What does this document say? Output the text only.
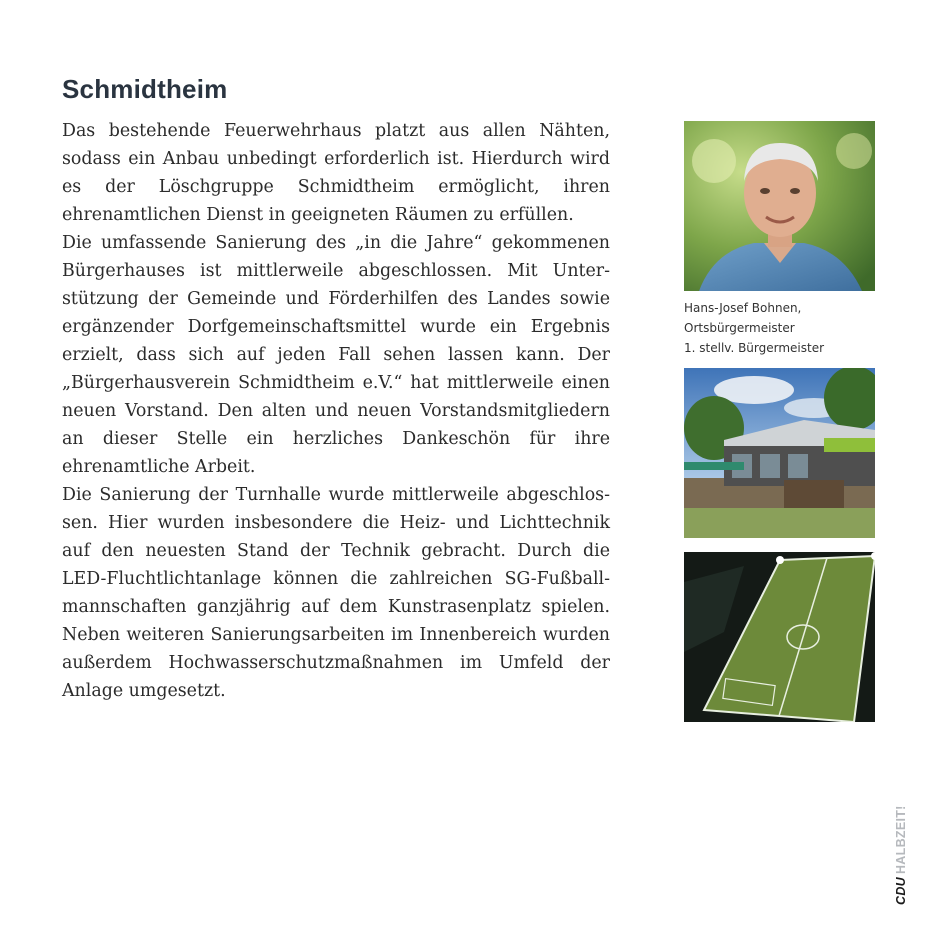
Schmidtheim

Das bestehende Feuerwehrhaus platzt aus allen Nähten, sodass ein Anbau unbedingt erforderlich ist. Hierdurch wird es der Löschgruppe Schmidtheim ermöglicht, ihren ehrenamtlichen Dienst in geeigneten Räumen zu erfüllen.

Die umfassende Sanierung des „in die Jahre“ gekommenen Bürgerhauses ist mittlerweile abgeschlossen. Mit Unterstützung der Gemeinde und Förderhilfen des Landes sowie ergänzender Dorfgemeinschaftsmittel wurde ein Ergebnis erzielt, dass sich auf jeden Fall sehen lassen kann. Der „Bürgerhausverein Schmidtheim e.V.“ hat mittlerweile einen neuen Vorstand. Den alten und neuen Vorstandsmitgliedern an dieser Stelle ein herzliches Dankeschön für ihre ehrenamtliche Arbeit.

Die Sanierung der Turnhalle wurde mittlerweile abgeschlossen. Hier wurden insbesondere die Heiz- und Lichttechnik auf den neuesten Stand der Technik gebracht. Durch die LED-Fluchtlichtanlage können die zahlreichen SG-Fußballmannschaften ganzjährig auf dem Kunstrasenplatz spielen. Neben weiteren Sanierungsarbeiten im Innenbereich wurden außerdem Hochwasserschutzmaßnahmen im Umfeld der Anlage umgesetzt.

Hans-Josef Bohnen,
Ortsbürgermeister
1. stellv. Bürgermeister
CDUHALBZEIT!
